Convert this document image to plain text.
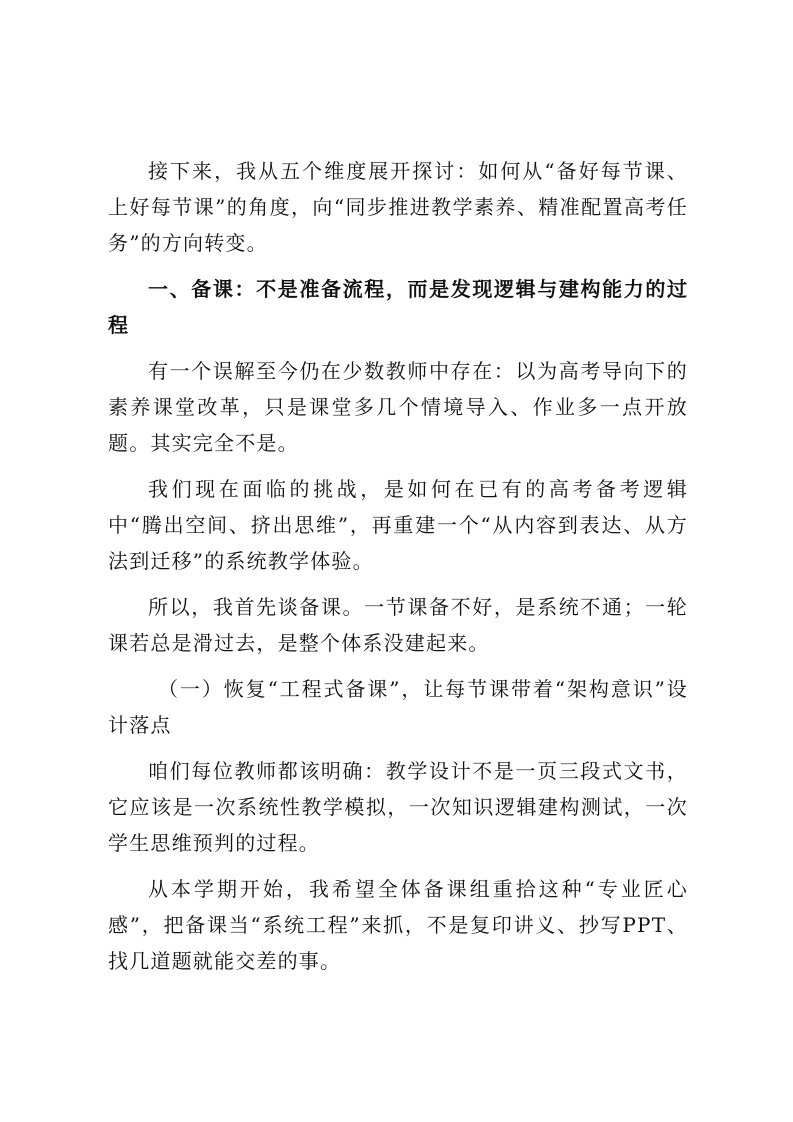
接下来，我从五个维度展开探讨：如何从“备好每节课、上好每节课”的角度，向“同步推进教学素养、精准配置高考任务”的方向转变。

一、备课：不是准备流程，而是发现逻辑与建构能力的过程

有一个误解至今仍在少数教师中存在：以为高考导向下的素养课堂改革，只是课堂多几个情境导入、作业多一点开放题。其实完全不是。

我们现在面临的挑战，是如何在已有的高考备考逻辑中“腾出空间、挤出思维”，再重建一个“从内容到表达、从方法到迁移”的系统教学体验。

所以，我首先谈备课。一节课备不好，是系统不通；一轮课若总是滑过去，是整个体系没建起来。

（一）恢复“工程式备课”，让每节课带着“架构意识”设计落点

咱们每位教师都该明确：教学设计不是一页三段式文书，它应该是一次系统性教学模拟，一次知识逻辑建构测试，一次学生思维预判的过程。

从本学期开始，我希望全体备课组重拾这种“专业匠心感”，把备课当“系统工程”来抓，不是复印讲义、抄写PPT、找几道题就能交差的事。
